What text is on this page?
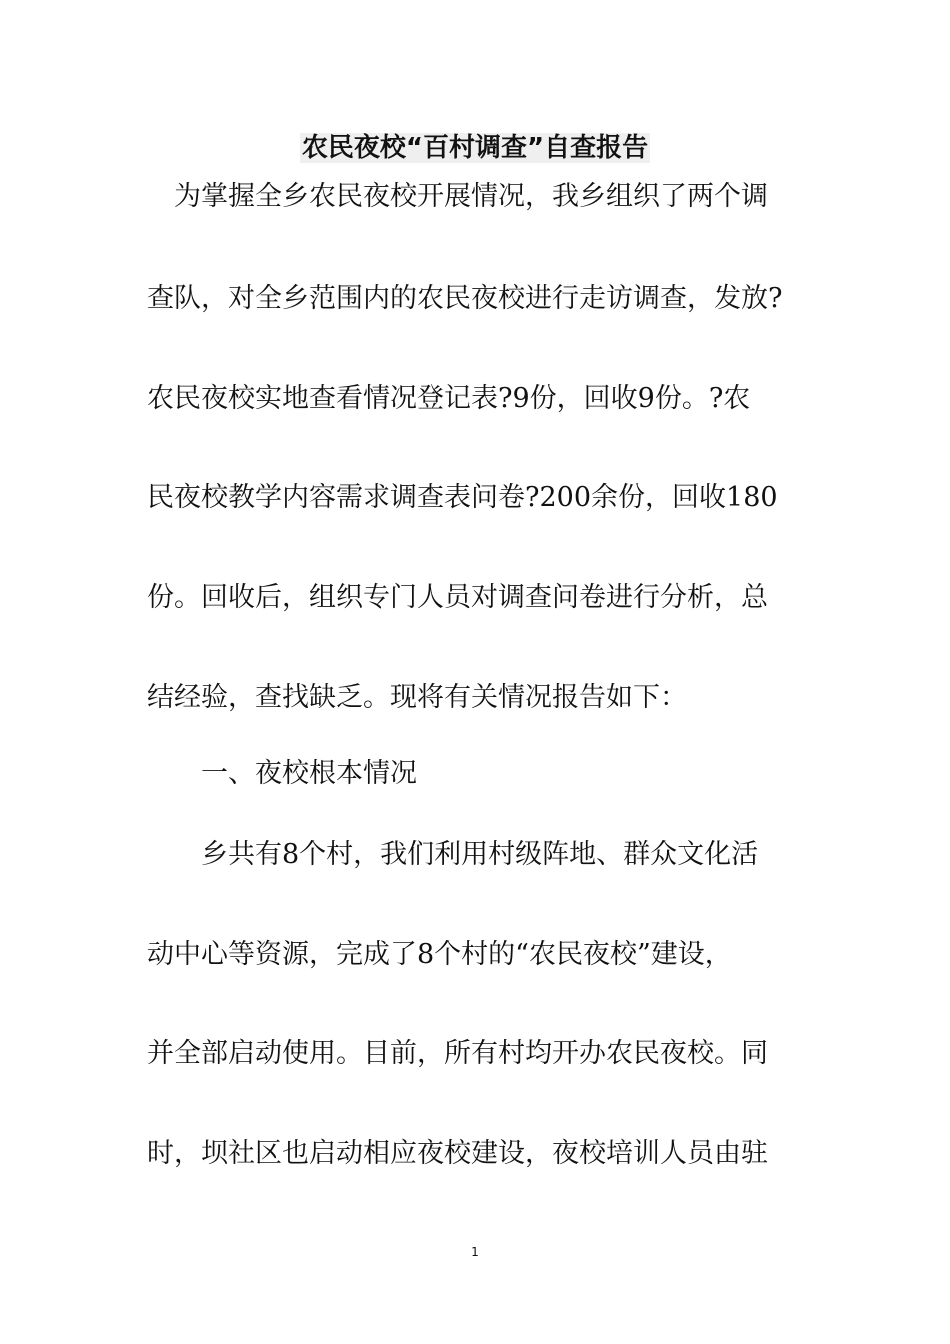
农民夜校“百村调查”自查报告

　为掌握全乡农民夜校开展情况，我乡组织了两个调

查队，对全乡范围内的农民夜校进行走访调查，发放?

农民夜校实地查看情况登记表?9份，回收9份。?农

民夜校教学内容需求调查表问卷?200余份，回收180

份。回收后，组织专门人员对调查问卷进行分析，总

结经验，查找缺乏。现将有关情况报告如下：

　　一、夜校根本情况

　　乡共有8个村，我们利用村级阵地、群众文化活

动中心等资源，完成了8个村的“农民夜校”建设，

并全部启动使用。目前，所有村均开办农民夜校。同

时，坝社区也启动相应夜校建设，夜校培训人员由驻

1
